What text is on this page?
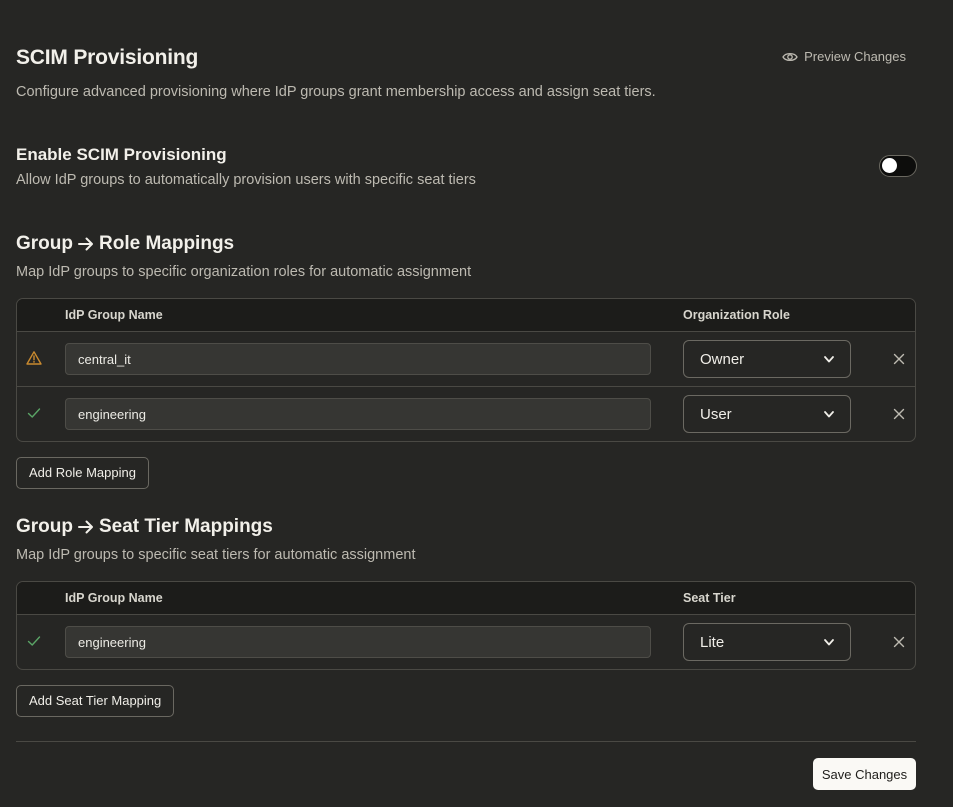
SCIM Provisioning
Configure advanced provisioning where IdP groups grant membership access and assign seat tiers.
Preview Changes
Enable SCIM Provisioning
Allow IdP groups to automatically provision users with specific seat tiers
Group Role Mappings
Map IdP groups to specific organization roles for automatic assignment
IdP Group Name	Organization Role
central_it
Owner
engineering
User
Add Role Mapping
Group Seat Tier Mappings
Map IdP groups to specific seat tiers for automatic assignment
IdP Group Name	Seat Tier
engineering
Lite
Add Seat Tier Mapping
Save Changes
